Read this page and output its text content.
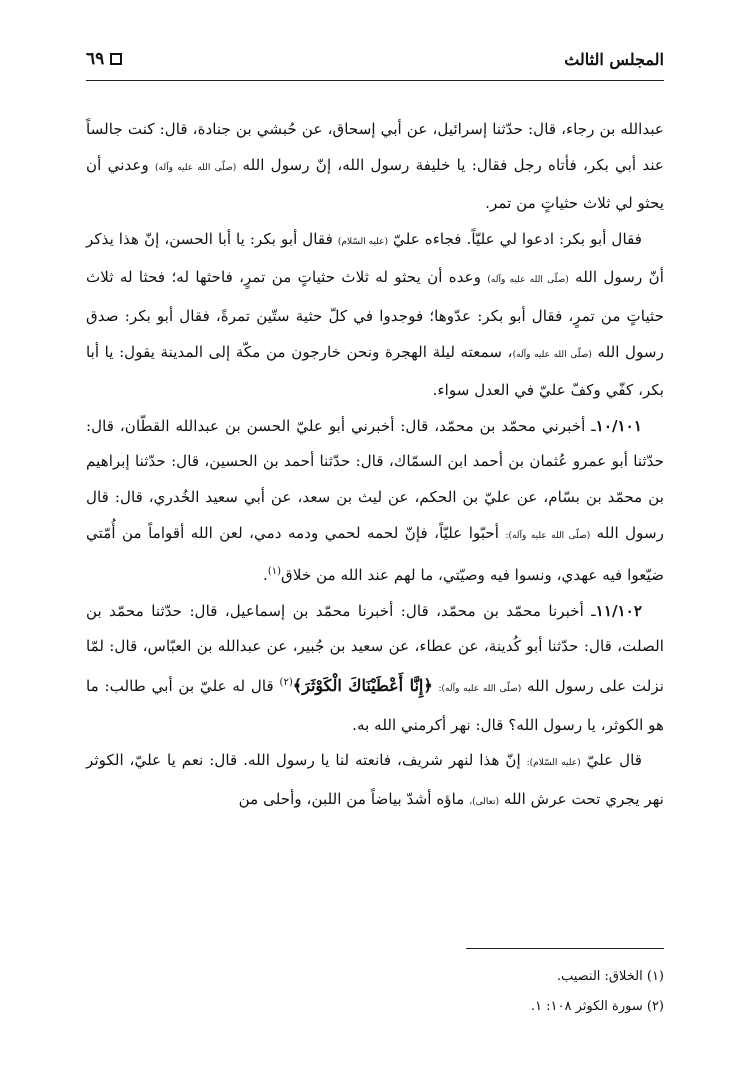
المجلس الثالث
٦٩

عبدالله بن رجاء، قال: حدّثنا إسرائيل، عن أبي إسحاق، عن حُبشي بن جنادة، قال: كنت جالساً عند أبي بكر، فأتاه رجل فقال: يا خليفة رسول الله، إنّ رسول الله (صلّى الله عليه وآله) وعدني أن يحثو لي ثلاث حثياتٍ من تمر.

فقال أبو بكر: ادعوا لي عليّاً. فجاءه عليّ (عليه السّلام) فقال أبو بكر: يا أبا الحسن، إنّ هذا يذكر أنّ رسول الله (صلّى الله عليه وآله) وعده أن يحثو له ثلاث حثياتٍ من تمرٍ، فاحثها له؛ فحثا له ثلاث حثياتٍ من تمرٍ، فقال أبو بكر: عدّوها؛ فوجدوا في كلّ حثية ستّين تمرةً، فقال أبو بكر: صدق رسول الله (صلّى الله عليه وآله)، سمعته ليلة الهجرة ونحن خارجون من مكّة إلى المدينة يقول: يا أبا بكر، كفّي وكفّ عليّ في العدل سواء.

١٠/١٠١ـ أخبرني محمّد بن محمّد، قال: أخبرني أبو عليّ الحسن بن عبدالله القطّان، قال: حدّثنا أبو عمرو عُثمان بن أحمد ابن السمّاك، قال: حدّثنا أحمد بن الحسين، قال: حدّثنا إبراهيم بن محمّد بن بسّام، عن عليّ بن الحكم، عن ليث بن سعد، عن أبي سعيد الخُدري، قال: قال رسول الله (صلّى الله عليه وآله): أحبّوا عليّاً، فإنّ لحمه لحمي ودمه دمي، لعن الله أقواماً من أُمّتي ضيّعوا فيه عهدي، ونسوا فيه وصيّتي، ما لهم عند الله من خلاق$^{(١)}$.

١١/١٠٢ـ أخبرنا محمّد بن محمّد، قال: أخبرنا محمّد بن إسماعيل، قال: حدّثنا محمّد بن الصلت، قال: حدّثنا أبو كُدينة، عن عطاء، عن سعيد بن جُبير، عن عبدالله بن العبّاس، قال: لمّا نزلت على رسول الله (صلّى الله عليه وآله): ﴿إِنَّا أَعْطَيْنَاكَ الْكَوْثَرَ﴾$^{(٢)}$ قال له عليّ بن أبي طالب: ما هو الكوثر، يا رسول الله؟ قال: نهر أكرمني الله به.

قال عليّ (عليه السّلام): إنّ هذا لنهر شريف، فانعته لنا يا رسول الله. قال: نعم يا عليّ، الكوثر نهر يجري تحت عرش الله (تعالى)، ماؤه أشدّ بياضاً من اللبن، وأحلى من

(١) الخلاق: النصيب.

(٢) سورة الكوثر ١٠٨: ١.
